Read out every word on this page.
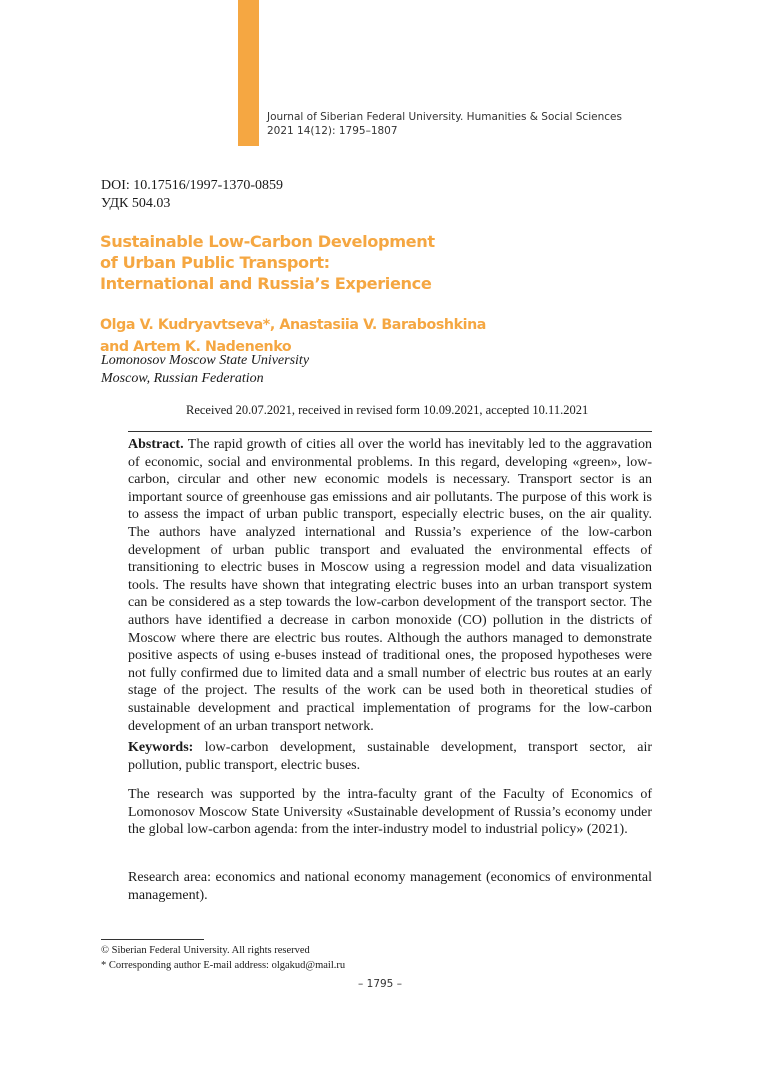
Journal of Siberian Federal University. Humanities & Social Sciences
2021 14(12): 1795–1807
DOI: 10.17516/1997-1370-0859
УДК 504.03
Sustainable Low-Carbon Development
of Urban Public Transport:
International and Russia’s Experience
Olga V. Kudryavtseva*, Anastasiia V. Baraboshkina
and Artem K. Nadenenko
Lomonosov Moscow State University
Moscow, Russian Federation
Received 20.07.2021, received in revised form 10.09.2021, accepted 10.11.2021
Abstract. The rapid growth of cities all over the world has inevitably led to the aggravation of economic, social and environmental problems. In this regard, developing «green», low-carbon, circular and other new economic models is necessary. Transport sector is an important source of greenhouse gas emissions and air pollutants. The purpose of this work is to assess the impact of urban public transport, especially electric buses, on the air quality. The authors have analyzed international and Russia’s experience of the low-carbon development of urban public transport and evaluated the environmental effects of transitioning to electric buses in Moscow using a regression model and data visualization tools. The results have shown that integrating electric buses into an urban transport system can be considered as a step towards the low-carbon development of the transport sector. The authors have identified a decrease in carbon monoxide (CO) pollution in the districts of Moscow where there are electric bus routes. Although the authors managed to demonstrate positive aspects of using e-buses instead of traditional ones, the proposed hypotheses were not fully confirmed due to limited data and a small number of electric bus routes at an early stage of the project. The results of the work can be used both in theoretical studies of sustainable development and practical implementation of programs for the low-carbon development of an urban transport network.
Keywords: low-carbon development, sustainable development, transport sector, air pollution, public transport, electric buses.
The research was supported by the intra-faculty grant of the Faculty of Economics of Lomonosov Moscow State University «Sustainable development of Russia’s economy under the global low-carbon agenda: from the inter-industry model to industrial policy» (2021).
Research area: economics and national economy management (economics of environmental management).
© Siberian Federal University. All rights reserved
* Corresponding author E-mail address: olgakud@mail.ru
– 1795 –
